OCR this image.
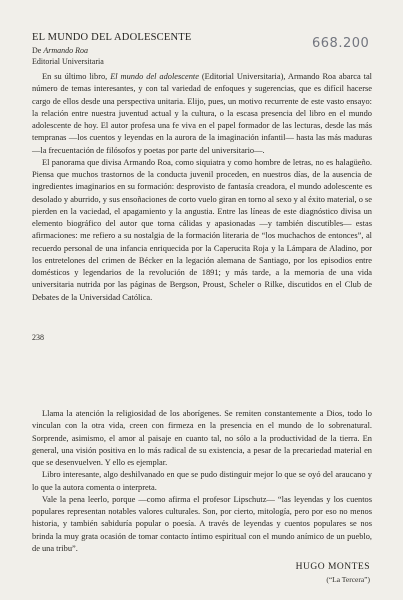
EL MUNDO DEL ADOLESCENTE
De Armando Roa
Editorial Universitaria
668.200

En su último libro, El mundo del adolescente (Editorial Universitaria), Armando Roa abarca tal número de temas interesantes, y con tal variedad de enfoques y sugerencias, que es difícil hacerse cargo de ellos desde una perspectiva unitaria. Elijo, pues, un motivo recurrente de este vasto ensayo: la relación entre nuestra juventud actual y la cultura, o la escasa presencia del libro en el mundo adolescente de hoy. El autor profesa una fe viva en el papel formador de las lecturas, desde las más tempranas —los cuentos y leyendas en la aurora de la imaginación infantil— hasta las más maduras —la frecuentación de filósofos y poetas por parte del universitario—.

El panorama que divisa Armando Roa, como siquiatra y como hombre de letras, no es halagüeño. Piensa que muchos trastornos de la conducta juvenil proceden, en nuestros días, de la ausencia de ingredientes imaginarios en su formación: desprovisto de fantasía creadora, el mundo adolescente es desolado y aburrido, y sus ensoñaciones de corto vuelo giran en torno al sexo y al éxito material, o se pierden en la vaciedad, el apagamiento y la angustia. Entre las líneas de este diagnóstico divisa un elemento biográfico del autor que torna cálidas y apasionadas —y también discutibles— estas afirmaciones: me refiero a su nostalgia de la formación literaria de “los muchachos de entonces”, al recuerdo personal de una infancia enriquecida por la Caperucita Roja y la Lámpara de Aladino, por los entretelones del crimen de Bécker en la legación alemana de Santiago, por los episodios entre domésticos y legendarios de la revolución de 1891; y más tarde, a la memoria de una vida universitaria nutrida por las páginas de Bergson, Proust, Scheler o Rilke, discutidos en el Club de Debates de la Universidad Católica.

238

Llama la atención la religiosidad de los aborígenes. Se remiten constantemente a Dios, todo lo vinculan con la otra vida, creen con firmeza en la presencia en el mundo de lo sobrenatural. Sorprende, asimismo, el amor al paisaje en cuanto tal, no sólo a la productividad de la tierra. En general, una visión positiva en lo más radical de su existencia, a pesar de la precariedad material en que se desenvuelven. Y ello es ejemplar.

Libro interesante, algo deshilvanado en que se pudo distinguir mejor lo que se oyó del araucano y lo que la autora comenta o interpreta.

Vale la pena leerlo, porque —como afirma el profesor Lipschutz— “las leyendas y los cuentos populares representan notables valores culturales. Son, por cierto, mitología, pero por eso no menos historia, y también sabiduría popular o poesía. A través de leyendas y cuentos populares se nos brinda la muy grata ocasión de tomar contacto íntimo espiritual con el mundo anímico de un pueblo, de una tribu”.

HUGO MONTES
(“La Tercera”)
